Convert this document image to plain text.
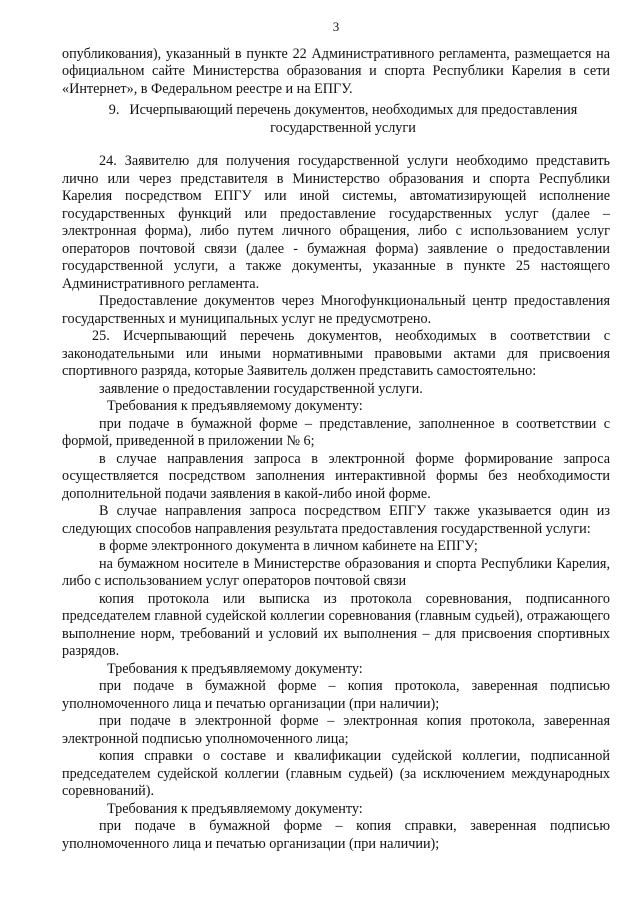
3

опубликования), указанный в пункте 22 Административного регламента, размещается на официальном сайте Министерства образования и спорта Республики Карелия в сети «Интернет», в Федеральном реестре и на ЕПГУ.

9. Исчерпывающий перечень документов, необходимых для предоставления государственной услуги

24. Заявителю для получения государственной услуги необходимо представить лично или через представителя в Министерство образования и спорта Республики Карелия посредством ЕПГУ или иной системы, автоматизирующей исполнение государственных функций или предоставление государственных услуг (далее – электронная форма), либо путем личного обращения, либо с использованием услуг операторов почтовой связи (далее - бумажная форма) заявление о предоставлении государственной услуги, а также документы, указанные в пункте 25 настоящего Административного регламента.

Предоставление документов через Многофункциональный центр предоставления государственных и муниципальных услуг не предусмотрено.

25. Исчерпывающий перечень документов, необходимых в соответствии с законодательными или иными нормативными правовыми актами для присвоения спортивного разряда, которые Заявитель должен представить самостоятельно:

заявление о предоставлении государственной услуги.

Требования к предъявляемому документу:

при подаче в бумажной форме – представление, заполненное в соответствии с формой, приведенной в приложении № 6;

в случае направления запроса в электронной форме формирование запроса осуществляется посредством заполнения интерактивной формы без необходимости дополнительной подачи заявления в какой-либо иной форме.

В случае направления запроса посредством ЕПГУ также указывается один из следующих способов направления результата предоставления государственной услуги:

в форме электронного документа в личном кабинете на ЕПГУ;

на бумажном носителе в Министерстве образования и спорта Республики Карелия, либо с использованием услуг операторов почтовой связи

копия протокола или выписка из протокола соревнования, подписанного председателем главной судейской коллегии соревнования (главным судьей), отражающего выполнение норм, требований и условий их выполнения – для присвоения спортивных разрядов.

Требования к предъявляемому документу:

при подаче в бумажной форме – копия протокола, заверенная подписью уполномоченного лица и печатью организации (при наличии);

при подаче в электронной форме – электронная копия протокола, заверенная электронной подписью уполномоченного лица;

копия справки о составе и квалификации судейской коллегии, подписанной председателем судейской коллегии (главным судьей) (за исключением международных соревнований).

Требования к предъявляемому документу:

при подаче в бумажной форме – копия справки, заверенная подписью уполномоченного лица и печатью организации (при наличии);
